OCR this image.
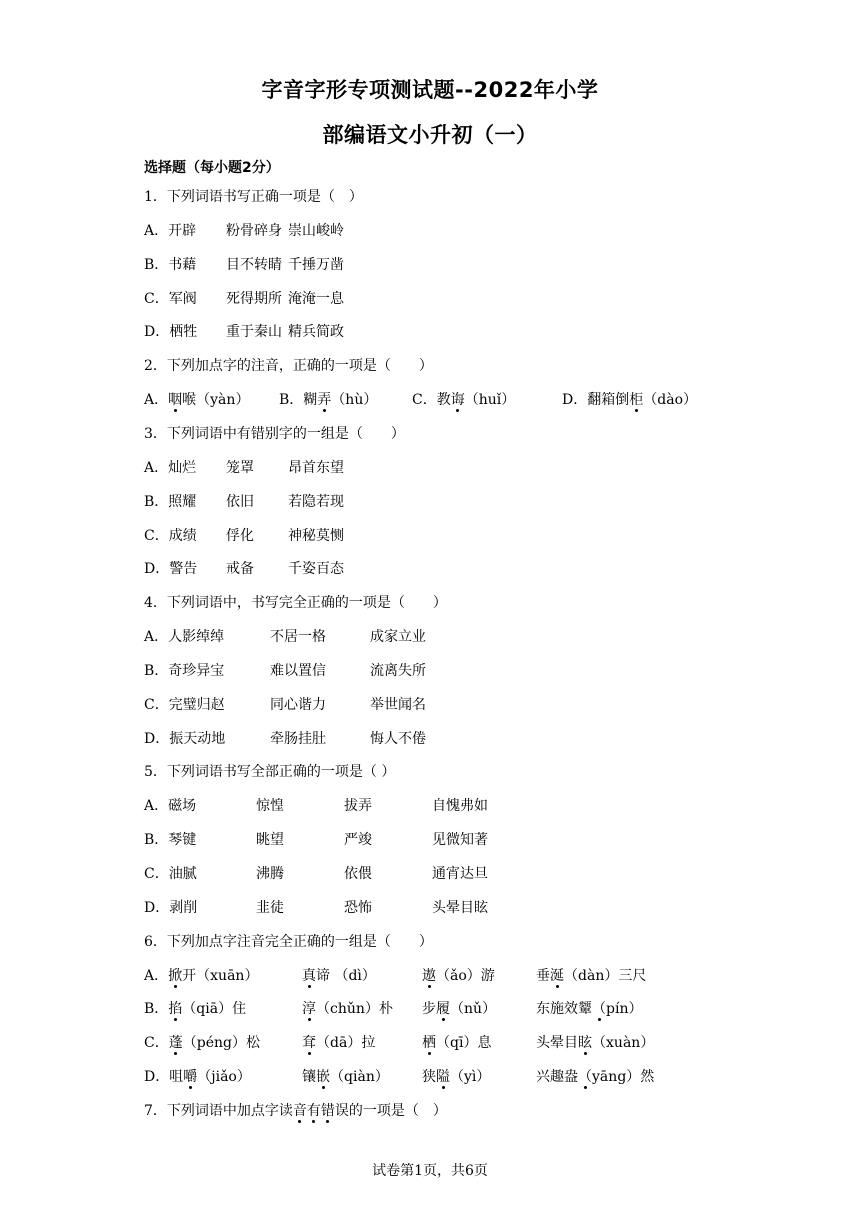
字音字形专项测试题--2022年小学
部编语文小升初（一）
选择题（每小题2分）
1．下列词语书写正确一项是（　）
A．开辟 粉骨碎身 崇山峻岭
B．书藉 目不转睛 千捶万凿
C．军阀 死得期所 淹淹一息
D．栖牲 重于秦山 精兵简政
2．下列加点字的注音，正确的一项是（　　）
A．咽喉（yàn） B．糊弄（hù） C．教诲（huǐ）	D．翻箱倒柜（dào）
3．下列词语中有错别字的一组是（　　）
A．灿烂 笼罩 昂首东望
B．照耀 依旧 若隐若现
C．成绩 俘化 神秘莫恻
D．警告 戒备 千姿百态
4．下列词语中，书写完全正确的一项是（　　）
A．人影绰绰	不居一格	成家立业
B．奇珍异宝	难以置信	流离失所
C．完璧归赵	同心谐力	举世闻名
D．振天动地	牵肠挂肚	悔人不倦
5．下列词语书写全部正确的一项是（ ）
A．磁场	惊惶	拔弄	自愧弗如
B．琴键	眺望	严竣	见微知著
C．油腻	沸腾	依偎	通宵达旦
D．剥削	韭徒	恐怖	头晕目眩
6．下列加点字注音完全正确的一组是（　　）
A．掀开（xuān）	真谛 （dì）	遨（ǎo）游	垂涎（dàn）三尺
B．掐（qiā）住	淳（chǔn）朴 步履（nǔ）	东施效颦（pín）
C．蓬（péng）松	耷（dā）拉	栖（qī）息	头晕目眩（xuàn）
D．咀嚼（jiǎo）	镶嵌（qiàn） 狭隘（yì）	兴趣盎（yāng）然
7．下列词语中加点字读音有错误的一项是（　 ）
试卷第1页，共6页
